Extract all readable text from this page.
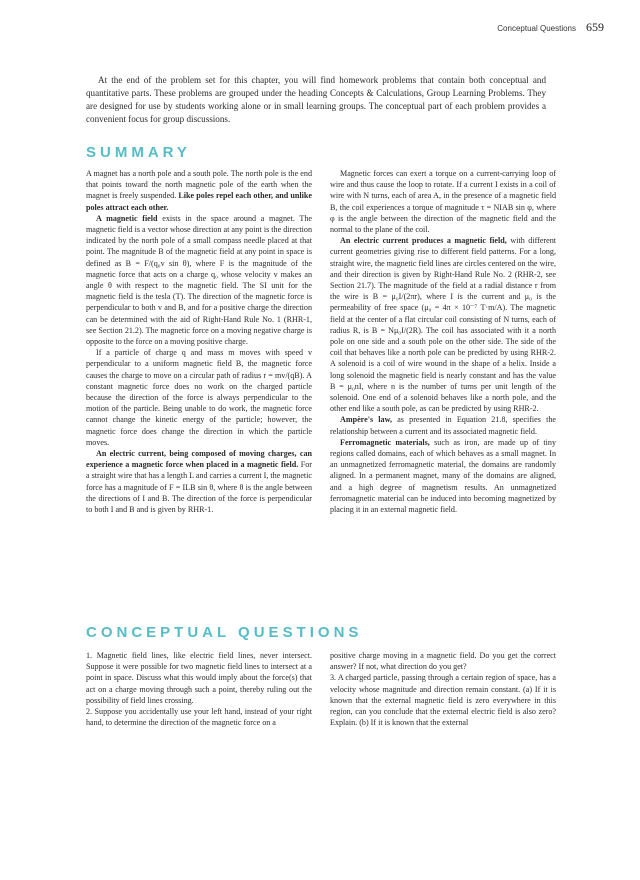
Conceptual Questions 659

At the end of the problem set for this chapter, you will find homework problems that contain both conceptual and quantitative parts. These problems are grouped under the heading Concepts & Calculations, Group Learning Problems. They are designed for use by students working alone or in small learning groups. The conceptual part of each problem provides a convenient focus for group discussions.

SUMMARY

A magnet has a north pole and a south pole. The north pole is the end that points toward the north magnetic pole of the earth when the magnet is freely suspended. Like poles repel each other, and unlike poles attract each other.

A magnetic field exists in the space around a magnet. The magnetic field is a vector whose direction at any point is the direction indicated by the north pole of a small compass needle placed at that point. The magnitude B of the magnetic field at any point in space is defined as B = F/(q₀v sin θ), where F is the magnitude of the magnetic force that acts on a charge q₀ whose velocity v makes an angle θ with respect to the magnetic field. The SI unit for the magnetic field is the tesla (T). The direction of the magnetic force is perpendicular to both v and B, and for a positive charge the direction can be determined with the aid of Right-Hand Rule No. 1 (RHR-1, see Section 21.2). The magnetic force on a moving negative charge is opposite to the force on a moving positive charge.

If a particle of charge q and mass m moves with speed v perpendicular to a uniform magnetic field B, the magnetic force causes the charge to move on a circular path of radius r = mv/(qB). A constant magnetic force does no work on the charged particle because the direction of the force is always perpendicular to the motion of the particle. Being unable to do work, the magnetic force cannot change the kinetic energy of the particle; however, the magnetic force does change the direction in which the particle moves.

An electric current, being composed of moving charges, can experience a magnetic force when placed in a magnetic field. For a straight wire that has a length L and carries a current I, the magnetic force has a magnitude of F = ILB sin θ, where θ is the angle between the directions of I and B. The direction of the force is perpendicular to both I and B and is given by RHR-1.

Magnetic forces can exert a torque on a current-carrying loop of wire and thus cause the loop to rotate. If a current I exists in a coil of wire with N turns, each of area A, in the presence of a magnetic field B, the coil experiences a torque of magnitude τ = NIAB sin φ, where φ is the angle between the direction of the magnetic field and the normal to the plane of the coil.

An electric current produces a magnetic field, with different current geometries giving rise to different field patterns. For a long, straight wire, the magnetic field lines are circles centered on the wire, and their direction is given by Right-Hand Rule No. 2 (RHR-2, see Section 21.7). The magnitude of the field at a radial distance r from the wire is B = μ₀I/(2πr), where I is the current and μ₀ is the permeability of free space (μ₀ = 4π × 10⁻⁷ T·m/A). The magnetic field at the center of a flat circular coil consisting of N turns, each of radius R, is B = Nμ₀I/(2R). The coil has associated with it a north pole on one side and a south pole on the other side. The side of the coil that behaves like a north pole can be predicted by using RHR-2. A solenoid is a coil of wire wound in the shape of a helix. Inside a long solenoid the magnetic field is nearly constant and has the value B = μ₀nI, where n is the number of turns per unit length of the solenoid. One end of a solenoid behaves like a north pole, and the other end like a south pole, as can be predicted by using RHR-2.

Ampère's law, as presented in Equation 21.8, specifies the relationship between a current and its associated magnetic field.

Ferromagnetic materials, such as iron, are made up of tiny regions called domains, each of which behaves as a small magnet. In an unmagnetized ferromagnetic material, the domains are randomly aligned. In a permanent magnet, many of the domains are aligned, and a high degree of magnetism results. An unmagnetized ferromagnetic material can be induced into becoming magnetized by placing it in an external magnetic field.

CONCEPTUAL QUESTIONS

1. Magnetic field lines, like electric field lines, never intersect. Suppose it were possible for two magnetic field lines to intersect at a point in space. Discuss what this would imply about the force(s) that act on a charge moving through such a point, thereby ruling out the possibility of field lines crossing.

2. Suppose you accidentally use your left hand, instead of your right hand, to determine the direction of the magnetic force on a

positive charge moving in a magnetic field. Do you get the correct answer? If not, what direction do you get?

3. A charged particle, passing through a certain region of space, has a velocity whose magnitude and direction remain constant. (a) If it is known that the external magnetic field is zero everywhere in this region, can you conclude that the external electric field is also zero? Explain. (b) If it is known that the external
